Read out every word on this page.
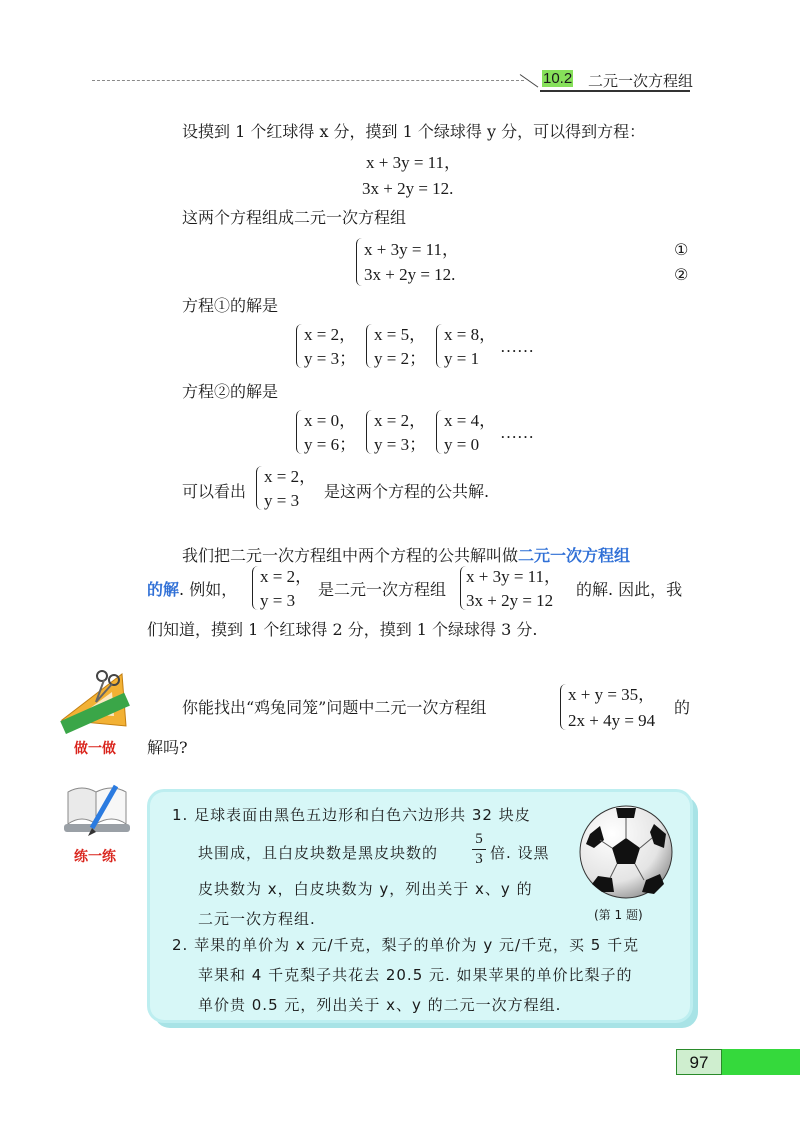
10.2 二元一次方程组
设摸到 1 个红球得 x 分，摸到 1 个绿球得 y 分，可以得到方程：
x + 3y = 11，
3x + 2y = 12.
这两个方程组成二元一次方程组
x + 3y = 11，
3x + 2y = 12.
①
②
方程①的解是
x = 2，
y = 3；
x = 5，
y = 2；
x = 8，
y = 1
……
方程②的解是
x = 0，
y = 6；
x = 2，
y = 3；
x = 4，
y = 0
……
可以看出
x = 2，
y = 3 是这两个方程的公共解.
我们把二元一次方程组中两个方程的公共解叫做二元一次方程组
的解. 例如，
x = 2，
y = 3
是二元一次方程组
x + 3y = 11，
3x + 2y = 12
的解. 因此，我
们知道，摸到 1 个红球得 2 分，摸到 1 个绿球得 3 分.
做一做
你能找出“鸡兔同笼”问题中二元一次方程组
x + y = 35，
2x + 4y = 94
的
解吗?
练一练
1. 足球表面由黑色五边形和白色六边形共 32 块皮
块围成，且白皮块数是黑皮块数的
5
3 倍. 设黑
皮块数为 x，白皮块数为 y，列出关于 x、y 的
二元一次方程组.	(第 1 题)
2. 苹果的单价为 x 元/千克，梨子的单价为 y 元/千克，买 5 千克
苹果和 4 千克梨子共花去 20.5 元. 如果苹果的单价比梨子的
单价贵 0.5 元，列出关于 x、y 的二元一次方程组.
97
